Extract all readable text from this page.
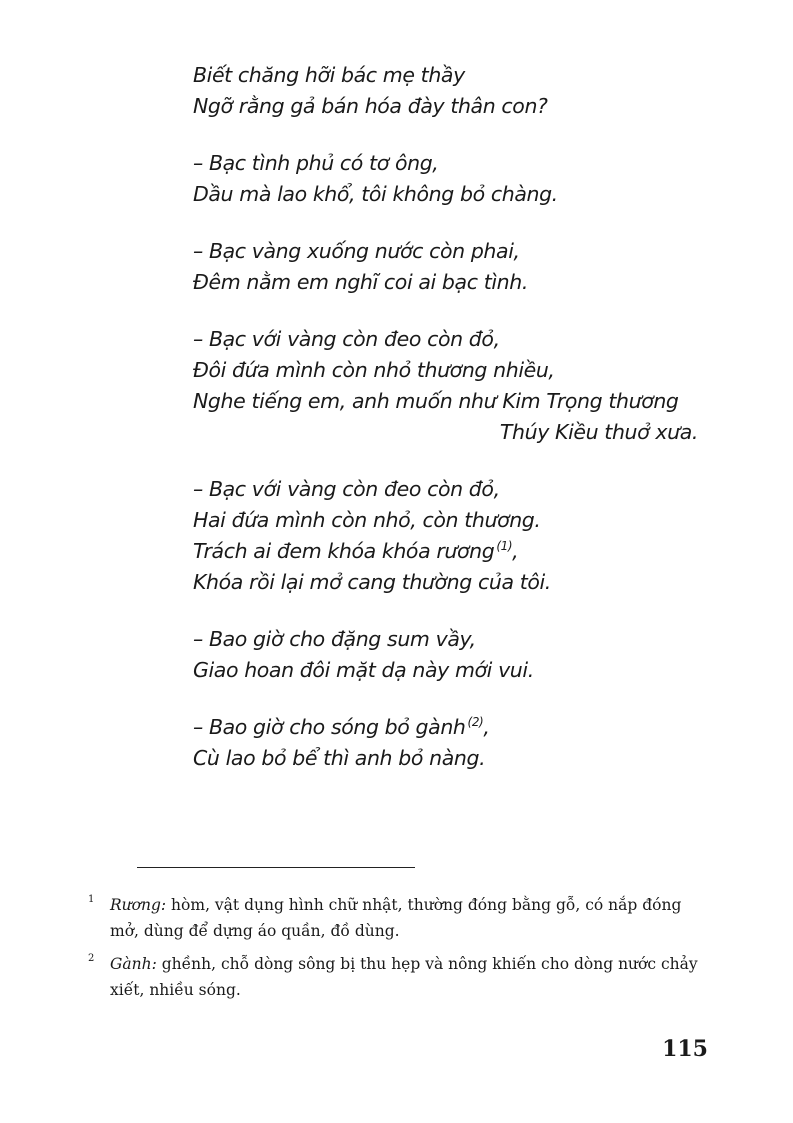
Biết chăng hỡi bác mẹ thầy
Ngỡ rằng gả bán hóa đày thân con?
– Bạc tình phủ có tơ ông,
Dầu mà lao khổ, tôi không bỏ chàng.
– Bạc vàng xuống nước còn phai,
Đêm nằm em nghĩ coi ai bạc tình.
– Bạc với vàng còn đeo còn đỏ,
Đôi đứa mình còn nhỏ thương nhiều,
Nghe tiếng em, anh muốn như Kim Trọng thương
Thúy Kiều thuở xưa.
– Bạc với vàng còn đeo còn đỏ,
Hai đứa mình còn nhỏ, còn thương.
Trách ai đem khóa khóa rương $^{(1)}$,
Khóa rồi lại mở cang thường của tôi.
– Bao giờ cho đặng sum vầy,
Giao hoan đôi mặt dạ này mới vui.
– Bao giờ cho sóng bỏ gành $^{(2)}$,
Cù lao bỏ bể thì anh bỏ nàng.
1 Rương: hòm, vật dụng hình chữ nhật, thường đóng bằng gỗ, có nắp đóng mở, dùng để dựng áo quần, đồ dùng.
2 Gành: ghềnh, chỗ dòng sông bị thu hẹp và nông khiến cho dòng nước chảy xiết, nhiều sóng.
115
